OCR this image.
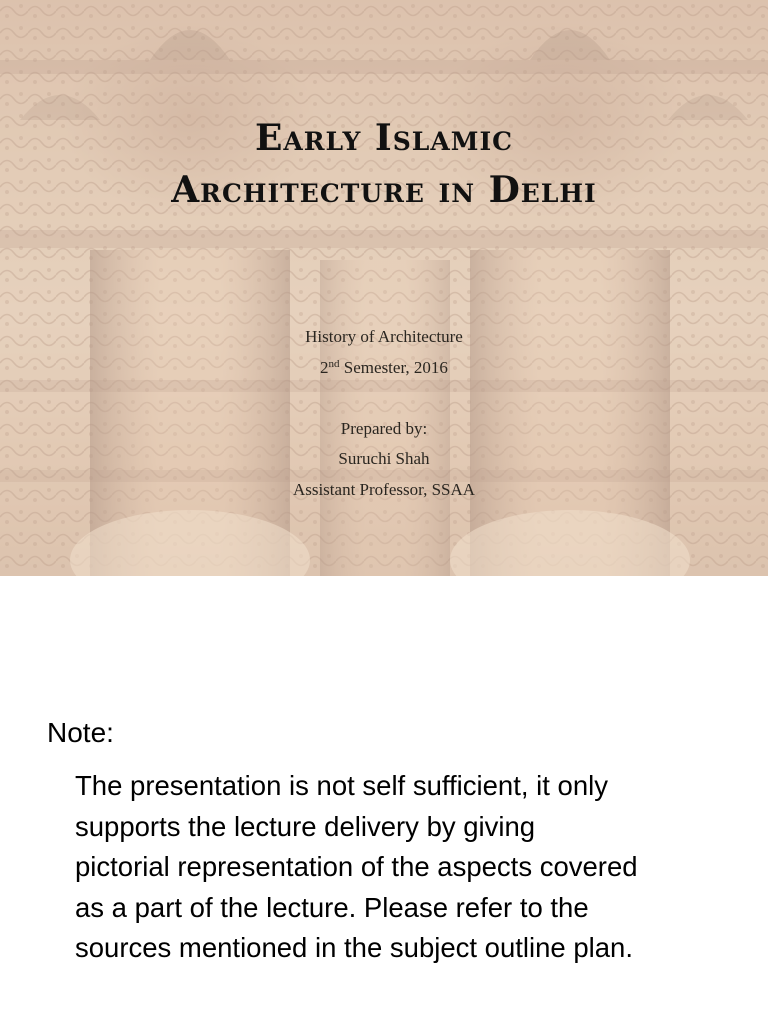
Early Islamic
Architecture in Delhi
History of Architecture
2nd Semester, 2016
Prepared by:
Suruchi Shah
Assistant Professor, SSAA
Note:
The presentation is not self sufficient, it only
supports the lecture delivery by giving
pictorial representation of the aspects covered
as a part of the lecture. Please refer to the
sources mentioned in the subject outline plan.
